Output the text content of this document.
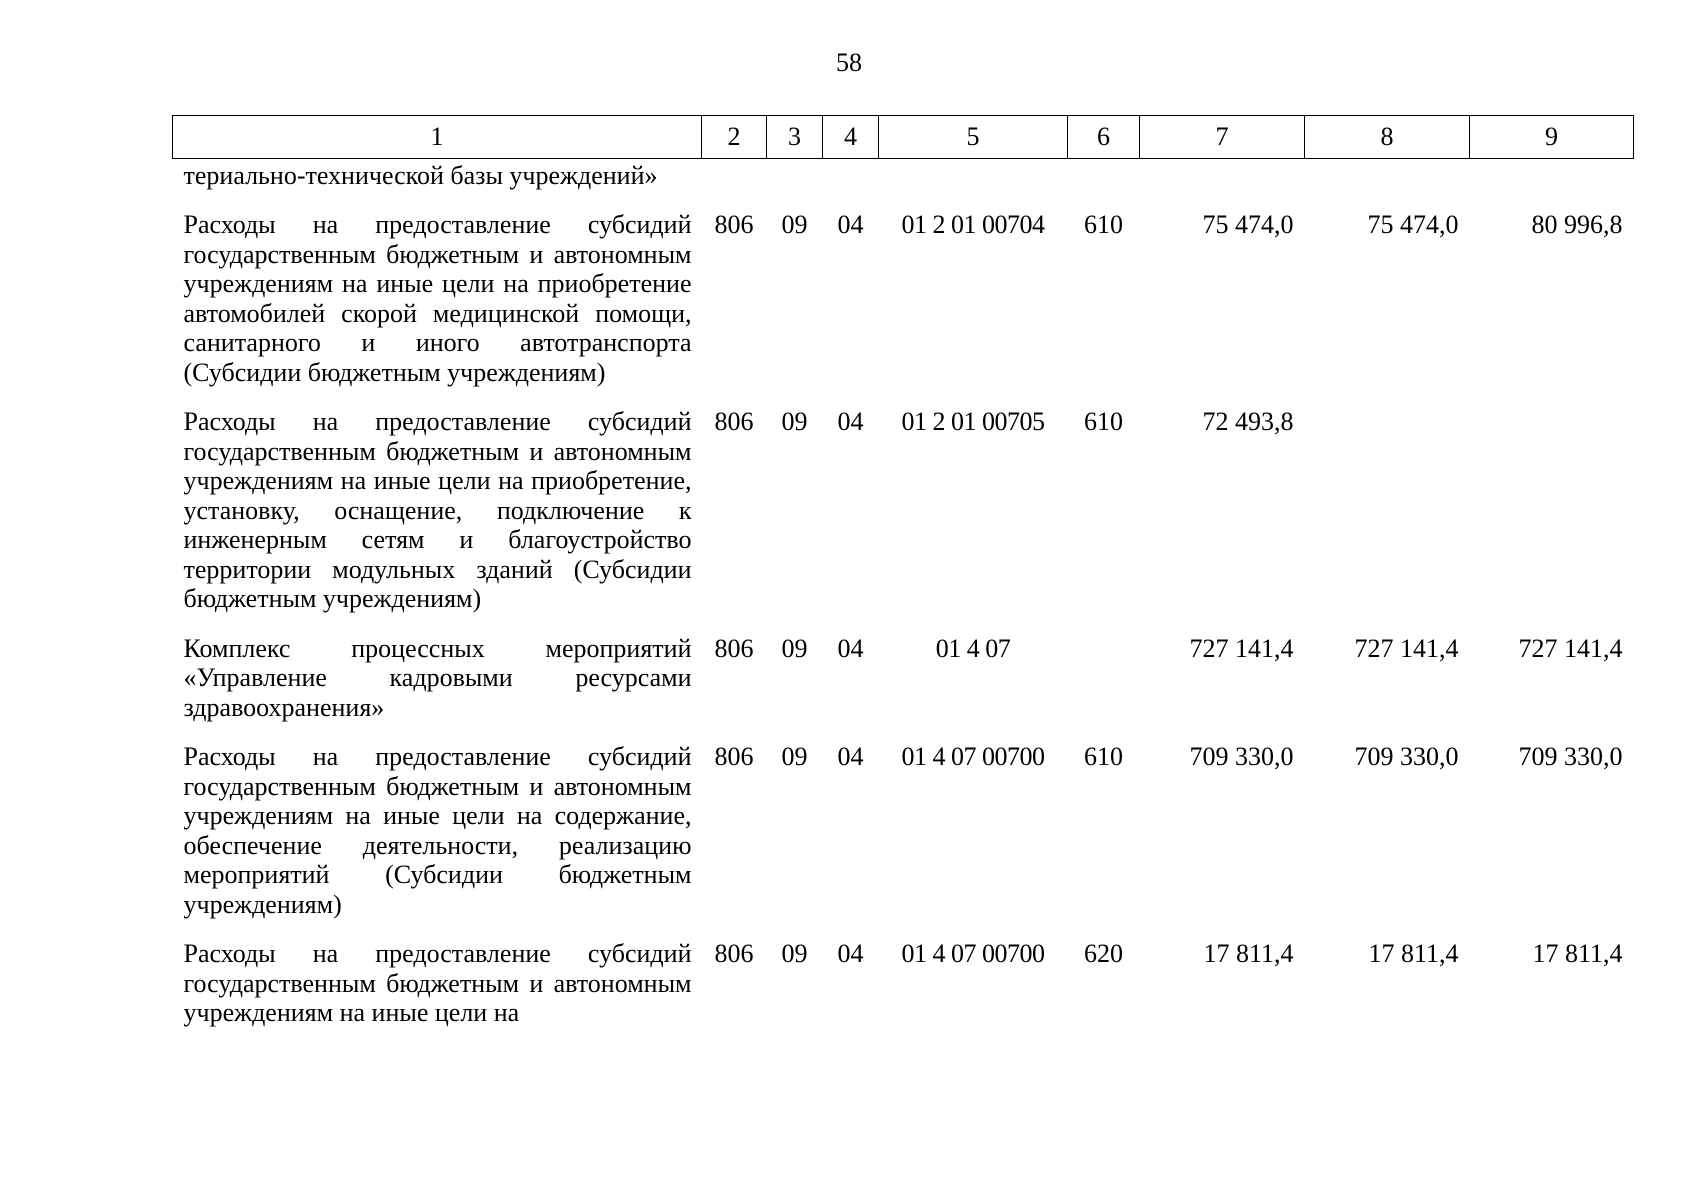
58
1	2	3	4	5	6	7	8	9
териально-технической базы учреждений»								
Расходы на предоставление субсидий государственным бюджетным и автономным учреждениям на иные цели на приобретение автомобилей скорой медицинской помощи, санитарного и иного автотранспорта (Субсидии бюджетным учреждениям)	806	09	04	01 2 01 00704	610	75 474,0	75 474,0	80 996,8
Расходы на предоставление субсидий государственным бюджетным и автономным учреждениям на иные цели на приобретение, установку, оснащение, подключение к инженерным сетям и благоустройство территории модульных зданий (Субсидии бюджетным учреждениям)	806	09	04	01 2 01 00705	610	72 493,8		
Комплекс процессных мероприятий «Управление кадровыми ресурсами здравоохранения»	806	09	04	01 4 07		727 141,4	727 141,4	727 141,4
Расходы на предоставление субсидий государственным бюджетным и автономным учреждениям на иные цели на содержание, обеспечение деятельности, реализацию мероприятий (Субсидии бюджетным учреждениям)	806	09	04	01 4 07 00700	610	709 330,0	709 330,0	709 330,0
Расходы на предоставление субсидий государственным бюджетным и автономным учреждениям на иные цели на	806	09	04	01 4 07 00700	620	17 811,4	17 811,4	17 811,4
